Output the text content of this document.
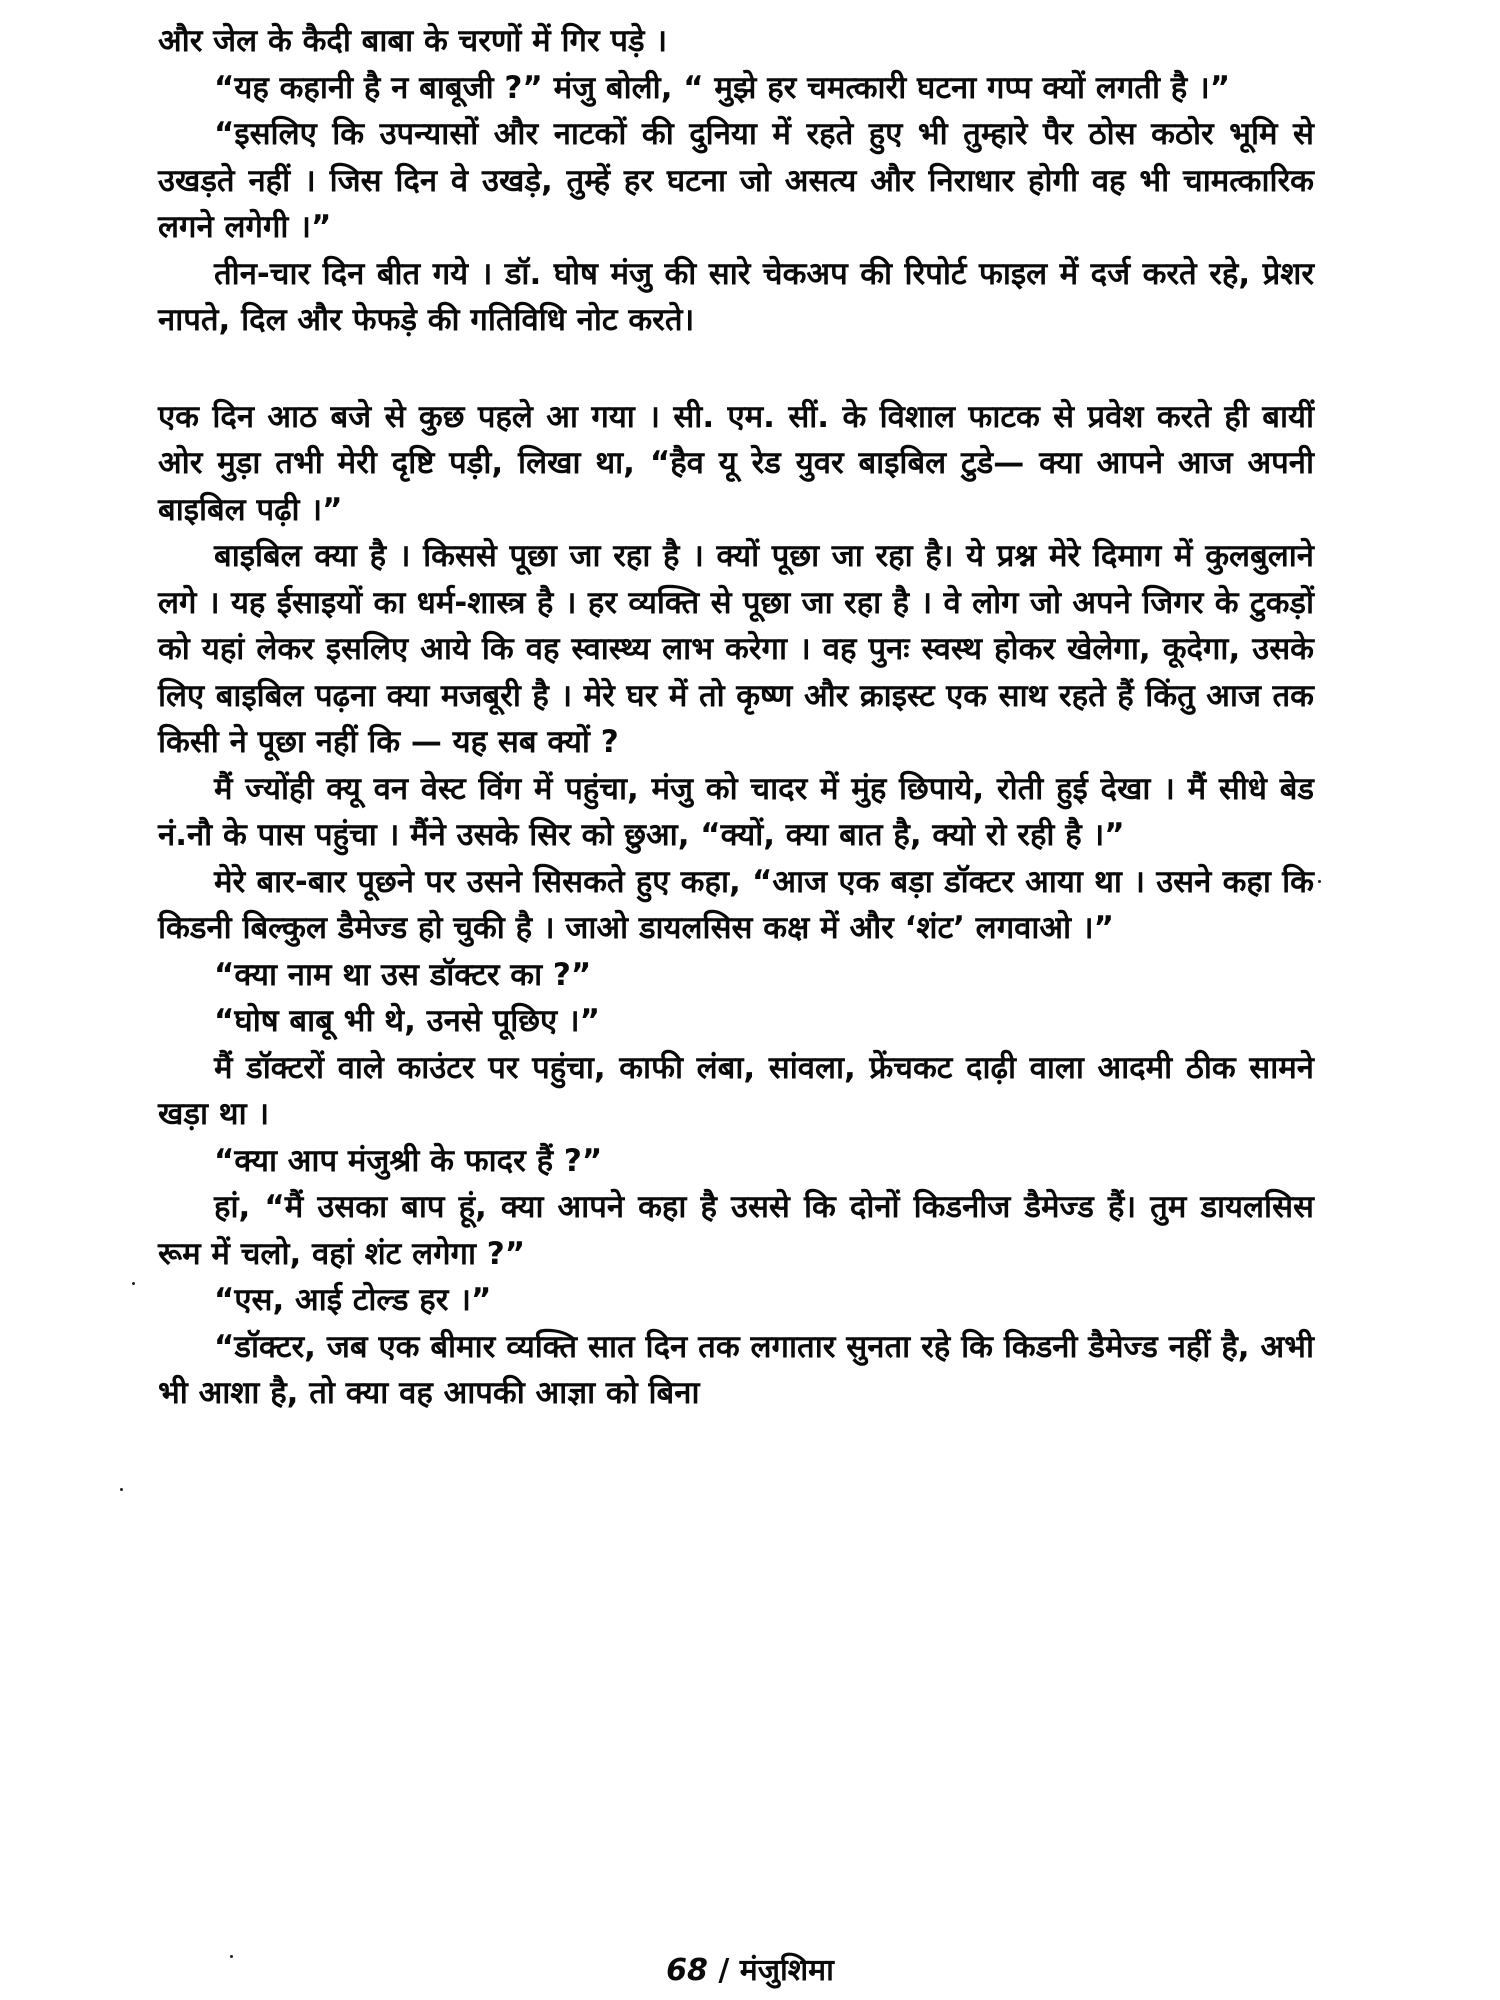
और जेल के कैदी बाबा के चरणों में गिर पड़े ।

“यह कहानी है न बाबूजी ?” मंजु बोली, “ मुझे हर चमत्कारी घटना गप्प क्यों लगती है ।”

“इसलिए कि उपन्यासों और नाटकों की दुनिया में रहते हुए भी तुम्हारे पैर ठोस कठोर भूमि से उखड़ते नहीं । जिस दिन वे उखड़े, तुम्हें हर घटना जो असत्य और निराधार होगी वह भी चामत्कारिक लगने लगेगी ।”

तीन-चार दिन बीत गये । डॉ. घोष मंजु की सारे चेकअप की रिपोर्ट फाइल में दर्ज करते रहे, प्रेशर नापते, दिल और फेफड़े की गतिविधि नोट करते।

एक दिन आठ बजे से कुछ पहले आ गया । सी. एम. सीं. के विशाल फाटक से प्रवेश करते ही बायीं ओर मुड़ा तभी मेरी दृष्टि पड़ी, लिखा था, “हैव यू रेड युवर बाइबिल टुडे— क्या आपने आज अपनी बाइबिल पढ़ी ।”

बाइबिल क्या है । किससे पूछा जा रहा है । क्यों पूछा जा रहा है। ये प्रश्न मेरे दिमाग में कुलबुलाने लगे । यह ईसाइयों का धर्म-शास्त्र है । हर व्यक्ति से पूछा जा रहा है । वे लोग जो अपने जिगर के टुकड़ों को यहां लेकर इसलिए आये कि वह स्वास्थ्य लाभ करेगा । वह पुनः स्वस्थ होकर खेलेगा, कूदेगा, उसके लिए बाइबिल पढ़ना क्या मजबूरी है । मेरे घर में तो कृष्ण और क्राइस्ट एक साथ रहते हैं किंतु आज तक किसी ने पूछा नहीं कि — यह सब क्यों ?

मैं ज्योंही क्यू वन वेस्ट विंग में पहुंचा, मंजु को चादर में मुंह छिपाये, रोती हुई देखा । मैं सीधे बेड नं.नौ के पास पहुंचा । मैंने उसके सिर को छुआ, “क्यों, क्या बात है, क्यो रो रही है ।”

मेरे बार-बार पूछने पर उसने सिसकते हुए कहा, “आज एक बड़ा डॉक्टर आया था । उसने कहा कि किडनी बिल्कुल डैमेज्ड हो चुकी है । जाओ डायलसिस कक्ष में और ‘शंट’ लगवाओ ।”

“क्या नाम था उस डॉक्टर का ?”

“घोष बाबू भी थे, उनसे पूछिए ।”

मैं डॉक्टरों वाले काउंटर पर पहुंचा, काफी लंबा, सांवला, फ्रेंचकट दाढ़ी वाला आदमी ठीक सामने खड़ा था ।

“क्या आप मंजुश्री के फादर हैं ?”

हां, “मैं उसका बाप हूं, क्या आपने कहा है उससे कि दोनों किडनीज डैमेज्ड हैं। तुम डायलसिस रूम में चलो, वहां शंट लगेगा ?”

“एस, आई टोल्ड हर ।”

“डॉक्टर, जब एक बीमार व्यक्ति सात दिन तक लगातार सुनता रहे कि किडनी डैमेज्ड नहीं है, अभी भी आशा है, तो क्या वह आपकी आज्ञा को बिना

68 / मंजुशिमा
